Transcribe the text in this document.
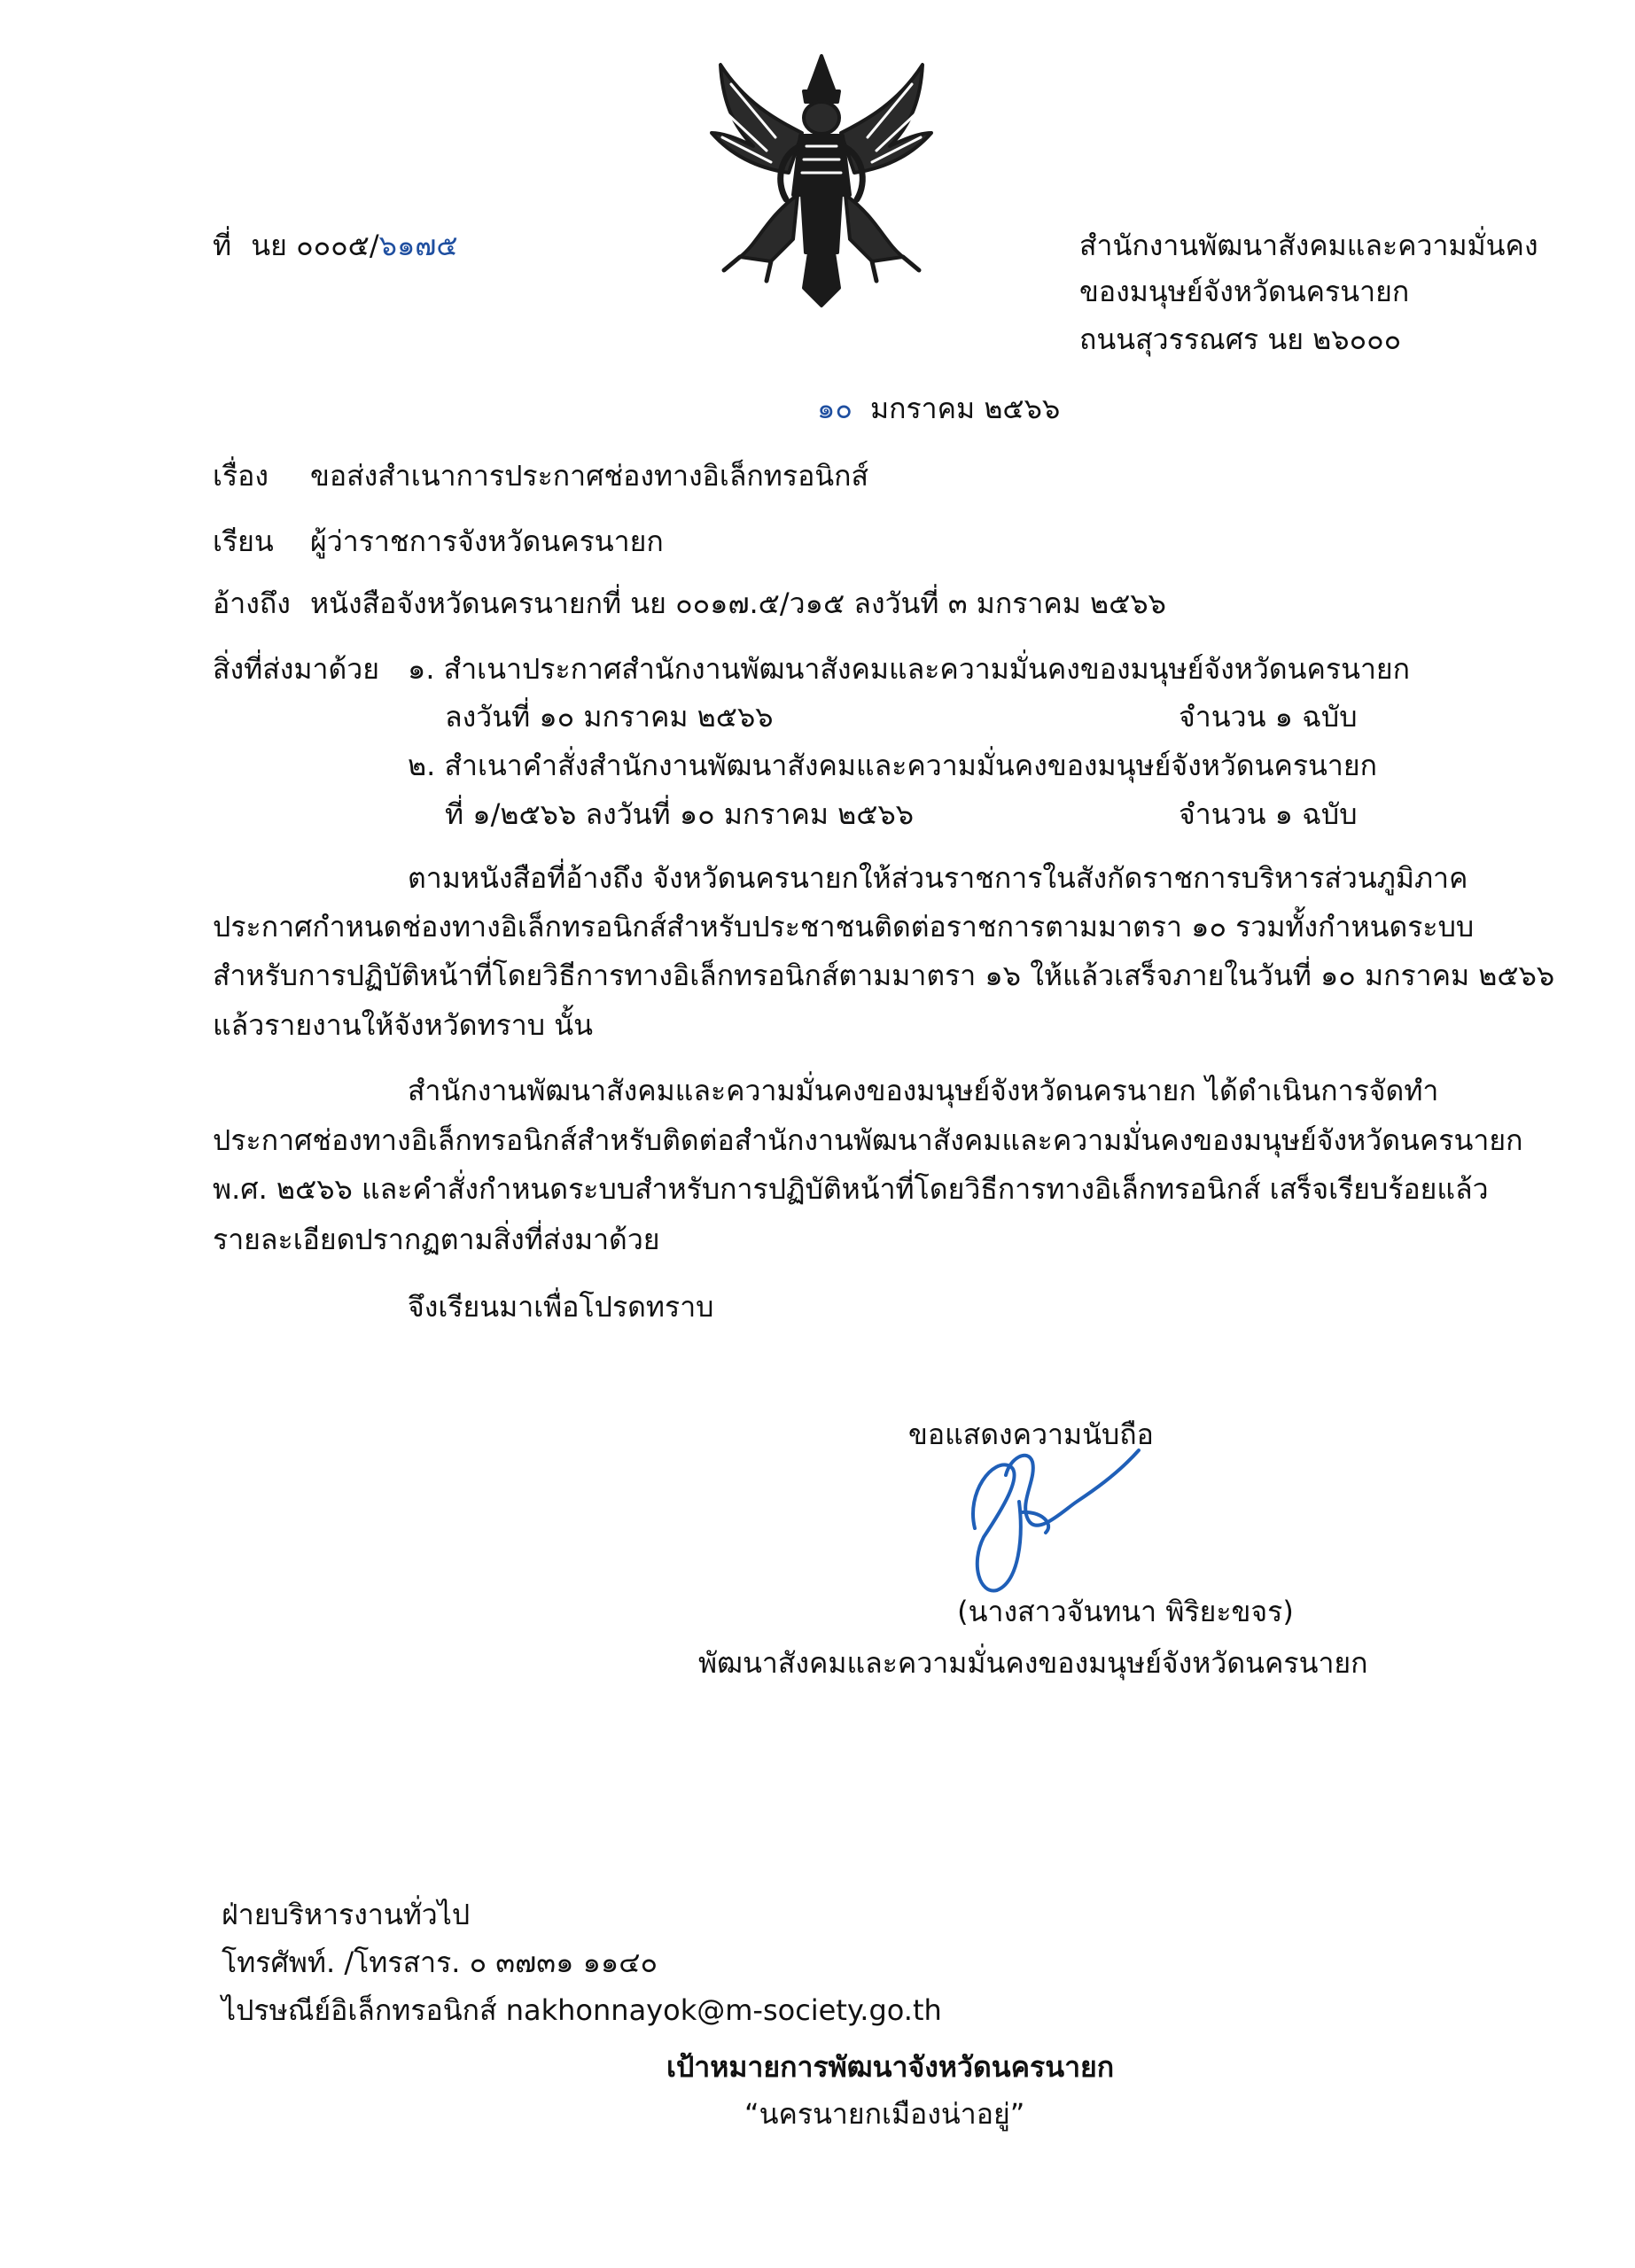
ที่ นย ๐๐๐๕/๖๑๗๕	สำนักงานพัฒนาสังคมและความมั่นคง
ของมนุษย์จังหวัดนครนายก
ถนนสุวรรณศร นย ๒๖๐๐๐
๑๐ มกราคม ๒๕๖๖
เรื่อง ขอส่งสำเนาการประกาศช่องทางอิเล็กทรอนิกส์
เรียน ผู้ว่าราชการจังหวัดนครนายก
อ้างถึง หนังสือจังหวัดนครนายกที่ นย ๐๐๑๗.๕/ว๑๕ ลงวันที่ ๓ มกราคม ๒๕๖๖
สิ่งที่ส่งมาด้วย ๑. สำเนาประกาศสำนักงานพัฒนาสังคมและความมั่นคงของมนุษย์จังหวัดนครนายก
ลงวันที่ ๑๐ มกราคม ๒๕๖๖	จำนวน ๑ ฉบับ
๒. สำเนาคำสั่งสำนักงานพัฒนาสังคมและความมั่นคงของมนุษย์จังหวัดนครนายก
ที่ ๑/๒๕๖๖ ลงวันที่ ๑๐ มกราคม ๒๕๖๖	จำนวน ๑ ฉบับ
ตามหนังสือที่อ้างถึง จังหวัดนครนายกให้ส่วนราชการในสังกัดราชการบริหารส่วนภูมิภาค
ประกาศกำหนดช่องทางอิเล็กทรอนิกส์สำหรับประชาชนติดต่อราชการตามมาตรา ๑๐ รวมทั้งกำหนดระบบ
สำหรับการปฏิบัติหน้าที่โดยวิธีการทางอิเล็กทรอนิกส์ตามมาตรา ๑๖ ให้แล้วเสร็จภายในวันที่ ๑๐ มกราคม ๒๕๖๖
แล้วรายงานให้จังหวัดทราบ นั้น
สำนักงานพัฒนาสังคมและความมั่นคงของมนุษย์จังหวัดนครนายก ได้ดำเนินการจัดทำ
ประกาศช่องทางอิเล็กทรอนิกส์สำหรับติดต่อสำนักงานพัฒนาสังคมและความมั่นคงของมนุษย์จังหวัดนครนายก
พ.ศ. ๒๕๖๖ และคำสั่งกำหนดระบบสำหรับการปฏิบัติหน้าที่โดยวิธีการทางอิเล็กทรอนิกส์ เสร็จเรียบร้อยแล้ว
รายละเอียดปรากฏตามสิ่งที่ส่งมาด้วย
จึงเรียนมาเพื่อโปรดทราบ
ขอแสดงความนับถือ
(นางสาวจันทนา พิริยะขจร)
พัฒนาสังคมและความมั่นคงของมนุษย์จังหวัดนครนายก
ฝ่ายบริหารงานทั่วไป
โทรศัพท์. /โทรสาร. ๐ ๓๗๓๑ ๑๑๔๐
ไปรษณีย์อิเล็กทรอนิกส์ nakhonnayok@m-society.go.th
เป้าหมายการพัฒนาจังหวัดนครนายก
“นครนายกเมืองน่าอยู่”
